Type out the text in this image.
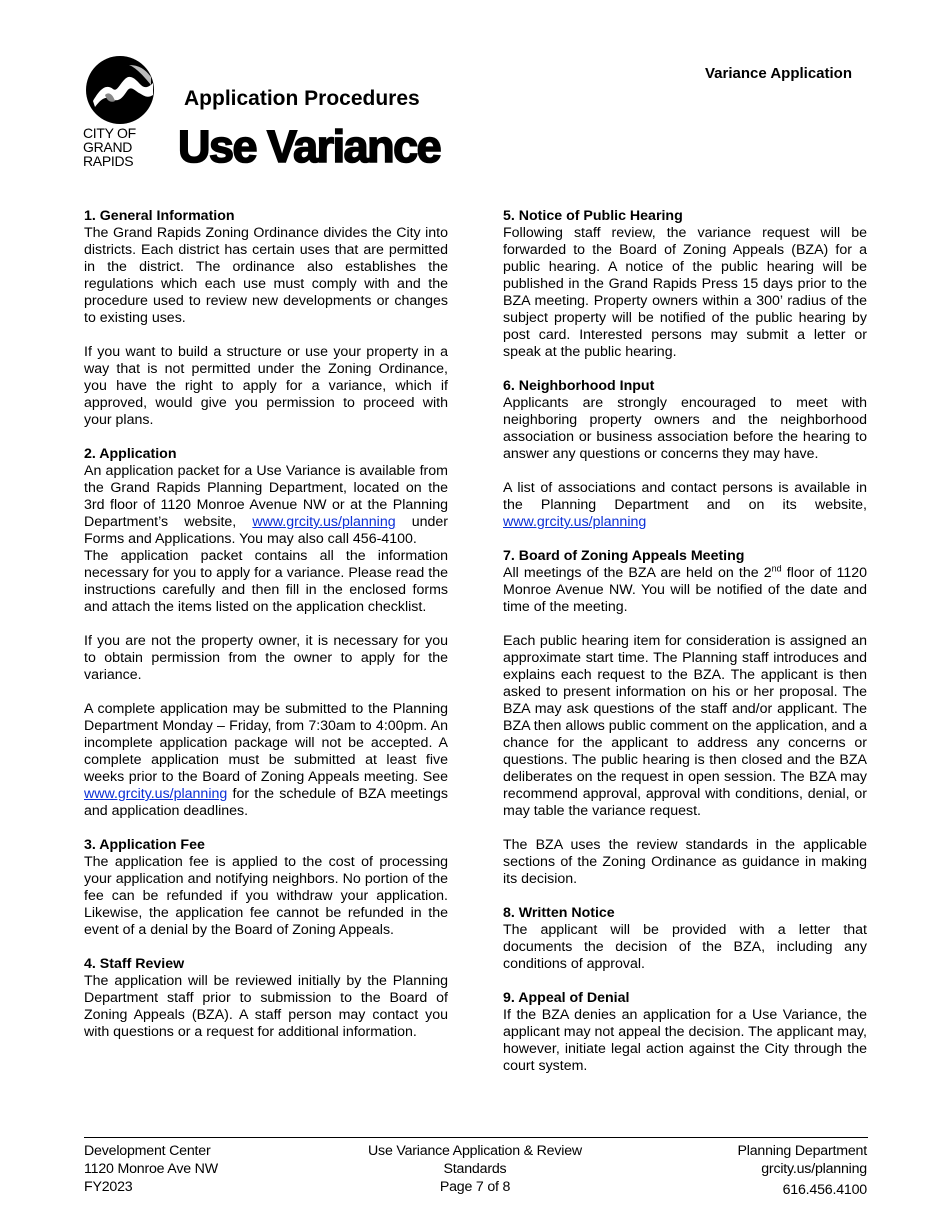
CITY OF
GRAND
RAPIDS
Variance Application
Application Procedures
Use Variance
1. General Information

The Grand Rapids Zoning Ordinance divides the City into districts. Each district has certain uses that are permitted in the district. The ordinance also establishes the regulations which each use must comply with and the procedure used to review new developments or changes to existing uses.

If you want to build a structure or use your property in a way that is not permitted under the Zoning Ordinance, you have the right to apply for a variance, which if approved, would give you permission to proceed with your plans.

2. Application

An application packet for a Use Variance is available from the Grand Rapids Planning Department, located on the 3rd floor of 1120 Monroe Avenue NW or at the Planning Department’s website, www.grcity.us/planning under Forms and Applications. You may also call 456-4100.

The application packet contains all the information necessary for you to apply for a variance. Please read the instructions carefully and then fill in the enclosed forms and attach the items listed on the application checklist.

If you are not the property owner, it is necessary for you to obtain permission from the owner to apply for the variance.

A complete application may be submitted to the Planning Department Monday – Friday, from 7:30am to 4:00pm. An incomplete application package will not be accepted. A complete application must be submitted at least five weeks prior to the Board of Zoning Appeals meeting. See www.grcity.us/planning for the schedule of BZA meetings and application deadlines.

3. Application Fee

The application fee is applied to the cost of processing your application and notifying neighbors. No portion of the fee can be refunded if you withdraw your application. Likewise, the application fee cannot be refunded in the event of a denial by the Board of Zoning Appeals.

4. Staff Review

The application will be reviewed initially by the Planning Department staff prior to submission to the Board of Zoning Appeals (BZA). A staff person may contact you with questions or a request for additional information.

5. Notice of Public Hearing

Following staff review, the variance request will be forwarded to the Board of Zoning Appeals (BZA) for a public hearing. A notice of the public hearing will be published in the Grand Rapids Press 15 days prior to the BZA meeting. Property owners within a 300’ radius of the subject property will be notified of the public hearing by post card. Interested persons may submit a letter or speak at the public hearing.

6. Neighborhood Input

Applicants are strongly encouraged to meet with neighboring property owners and the neighborhood association or business association before the hearing to answer any questions or concerns they may have.

A list of associations and contact persons is available in the Planning Department and on its website, www.grcity.us/planning

7. Board of Zoning Appeals Meeting

All meetings of the BZA are held on the 2nd floor of 1120 Monroe Avenue NW. You will be notified of the date and time of the meeting.

Each public hearing item for consideration is assigned an approximate start time. The Planning staff introduces and explains each request to the BZA. The applicant is then asked to present information on his or her proposal. The BZA may ask questions of the staff and/or applicant. The BZA then allows public comment on the application, and a chance for the applicant to address any concerns or questions. The public hearing is then closed and the BZA deliberates on the request in open session. The BZA may recommend approval, approval with conditions, denial, or may table the variance request.

The BZA uses the review standards in the applicable sections of the Zoning Ordinance as guidance in making its decision.

8. Written Notice

The applicant will be provided with a letter that documents the decision of the BZA, including any conditions of approval.

9. Appeal of Denial

If the BZA denies an application for a Use Variance, the applicant may not appeal the decision. The applicant may, however, initiate legal action against the City through the court system.

Development Center
1120 Monroe Ave NW
FY2023
Use Variance Application & Review
Standards
Page 7 of 8
Planning Department
grcity.us/planning
616.456.4100
